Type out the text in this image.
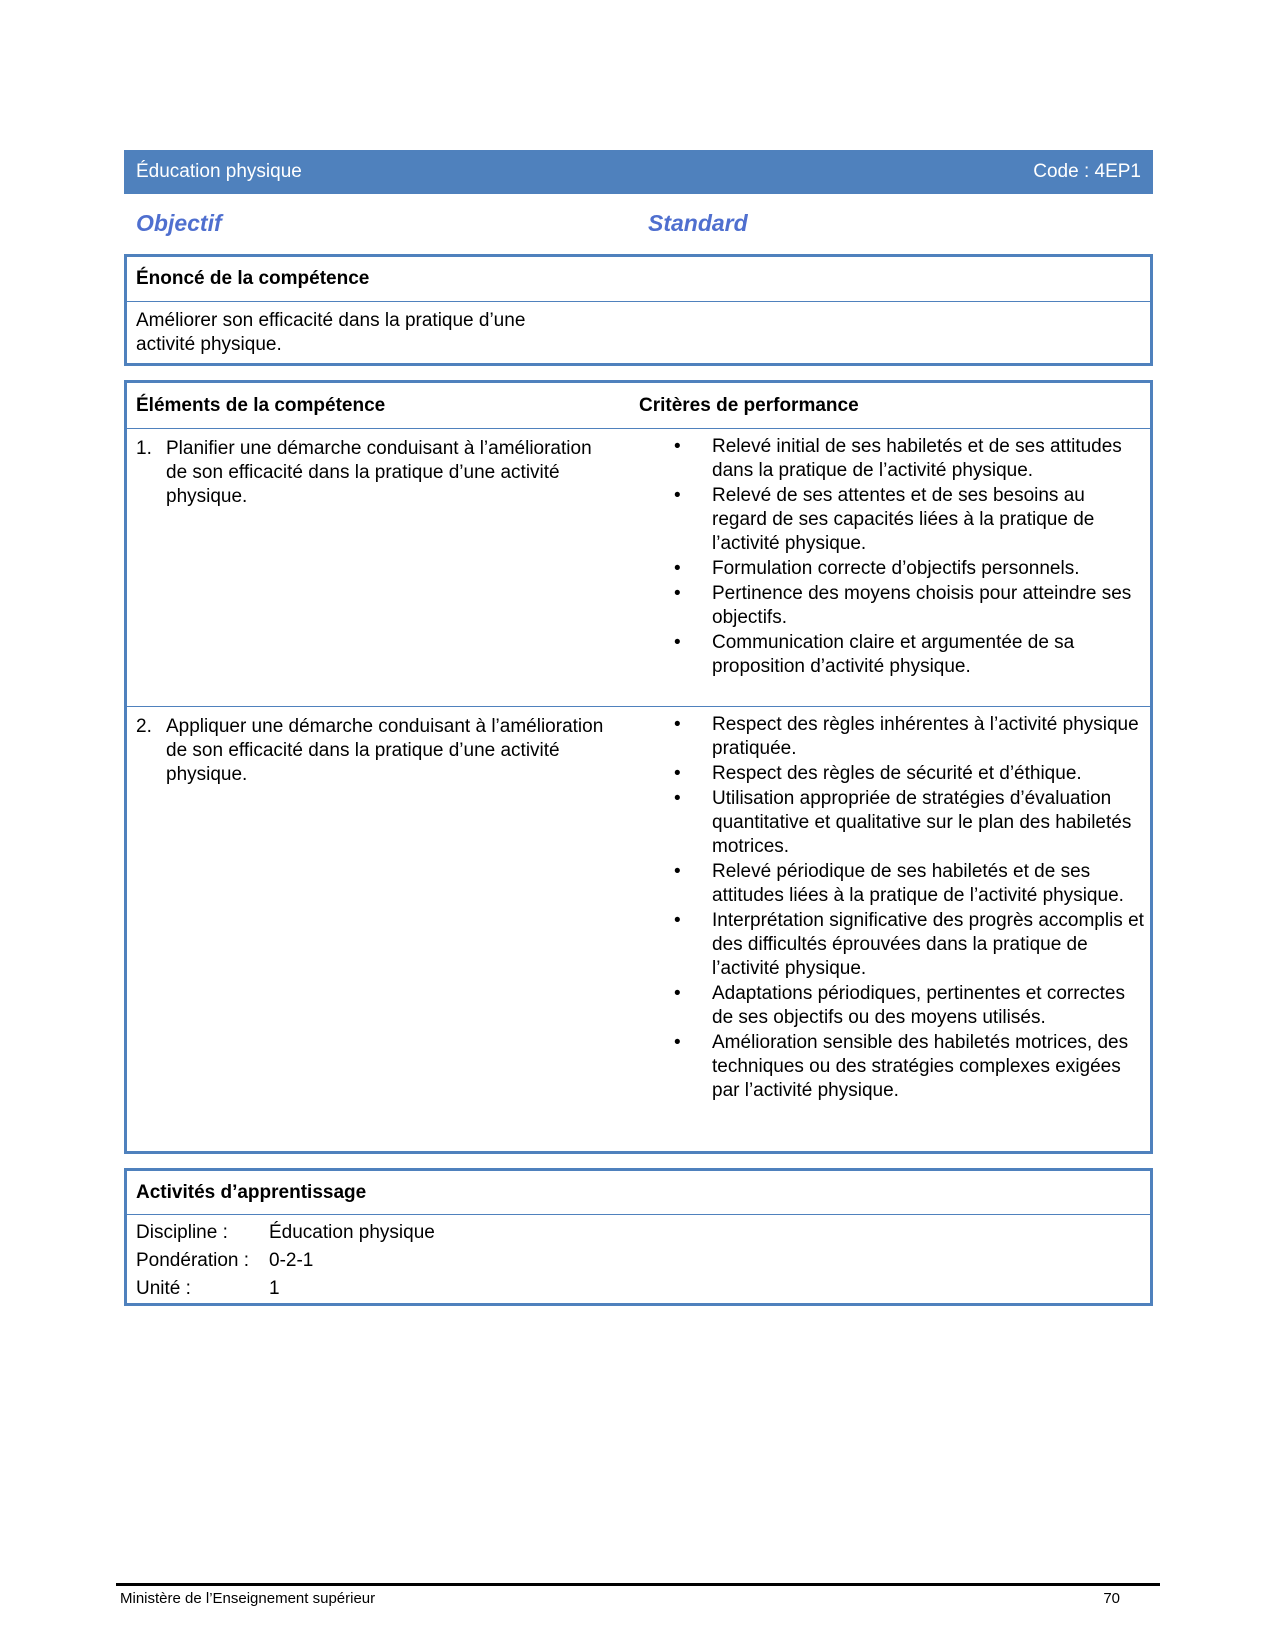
Éducation physique	Code : 4EP1
Objectif	Standard
Énoncé de la compétence
Améliorer son efficacité dans la pratique d’une activité physique.
Éléments de la compétence	Critères de performance
1. Planifier une démarche conduisant à l’amélioration de son efficacité dans la pratique d’une activité physique.
• Relevé initial de ses habiletés et de ses attitudes dans la pratique de l’activité physique.
• Relevé de ses attentes et de ses besoins au regard de ses capacités liées à la pratique de l’activité physique.
• Formulation correcte d’objectifs personnels.
• Pertinence des moyens choisis pour atteindre ses objectifs.
• Communication claire et argumentée de sa proposition d’activité physique.
2. Appliquer une démarche conduisant à l’amélioration de son efficacité dans la pratique d’une activité physique.
• Respect des règles inhérentes à l’activité physique pratiquée.
• Respect des règles de sécurité et d’éthique.
• Utilisation appropriée de stratégies d’évaluation quantitative et qualitative sur le plan des habiletés motrices.
• Relevé périodique de ses habiletés et de ses attitudes liées à la pratique de l’activité physique.
• Interprétation significative des progrès accomplis et des difficultés éprouvées dans la pratique de l’activité physique.
• Adaptations périodiques, pertinentes et correctes de ses objectifs ou des moyens utilisés.
• Amélioration sensible des habiletés motrices, des techniques ou des stratégies complexes exigées par l’activité physique.
Activités d’apprentissage
Discipline :	Éducation physique
Pondération :	0-2-1
Unité :	1
Ministère de l’Enseignement supérieur	70
